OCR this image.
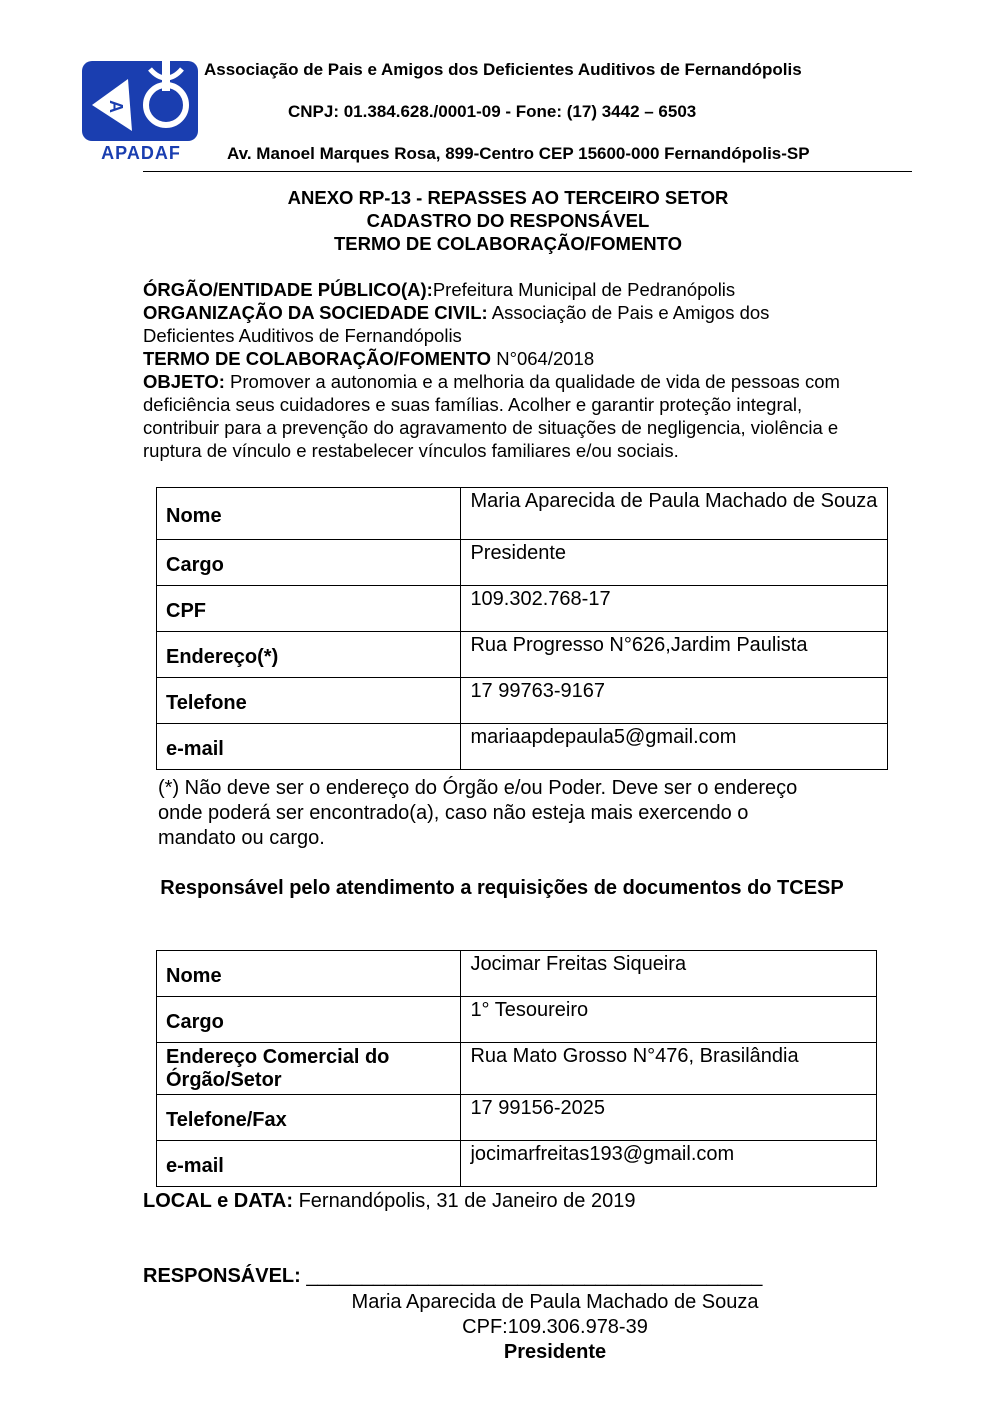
A
APADAF
Associação de Pais e Amigos dos Deficientes Auditivos de Fernandópolis
CNPJ: 01.384.628./0001-09 - Fone: (17) 3442 – 6503
Av. Manoel Marques Rosa, 899-Centro CEP 15600-000 Fernandópolis-SP
ANEXO RP-13 - REPASSES AO TERCEIRO SETOR
CADASTRO DO RESPONSÁVEL
TERMO DE COLABORAÇÃO/FOMENTO
ÓRGÃO/ENTIDADE PÚBLICO(A):Prefeitura Municipal de Pedranópolis
ORGANIZAÇÃO DA SOCIEDADE CIVIL: Associação de Pais e Amigos dos Deficientes Auditivos de Fernandópolis
TERMO DE COLABORAÇÃO/FOMENTO N°064/2018
OBJETO: Promover a autonomia e a melhoria da qualidade de vida de pessoas com deficiência seus cuidadores e suas famílias. Acolher e garantir proteção integral, contribuir para a prevenção do agravamento de situações de negligencia, violência e ruptura de vínculo e restabelecer vínculos familiares e/ou sociais.
Nome	Maria Aparecida de Paula Machado de Souza
Cargo	Presidente
CPF	109.302.768-17
Endereço(*)	Rua Progresso N°626,Jardim Paulista
Telefone	17 99763-9167
e-mail	mariaapdepaula5@gmail.com
(*) Não deve ser o endereço do Órgão e/ou Poder. Deve ser o endereço onde poderá ser encontrado(a), caso não esteja mais exercendo o mandato ou cargo.
Responsável pelo atendimento a requisições de documentos do TCESP
Nome	Jocimar Freitas Siqueira
Cargo	1° Tesoureiro
Endereço Comercial do Órgão/Setor	Rua Mato Grosso N°476, Brasilândia
Telefone/Fax	17 99156-2025
e-mail	jocimarfreitas193@gmail.com
LOCAL e DATA: Fernandópolis, 31 de Janeiro de 2019
RESPONSÁVEL: _________________________________________
Maria Aparecida de Paula Machado de Souza
CPF:109.306.978-39
Presidente
